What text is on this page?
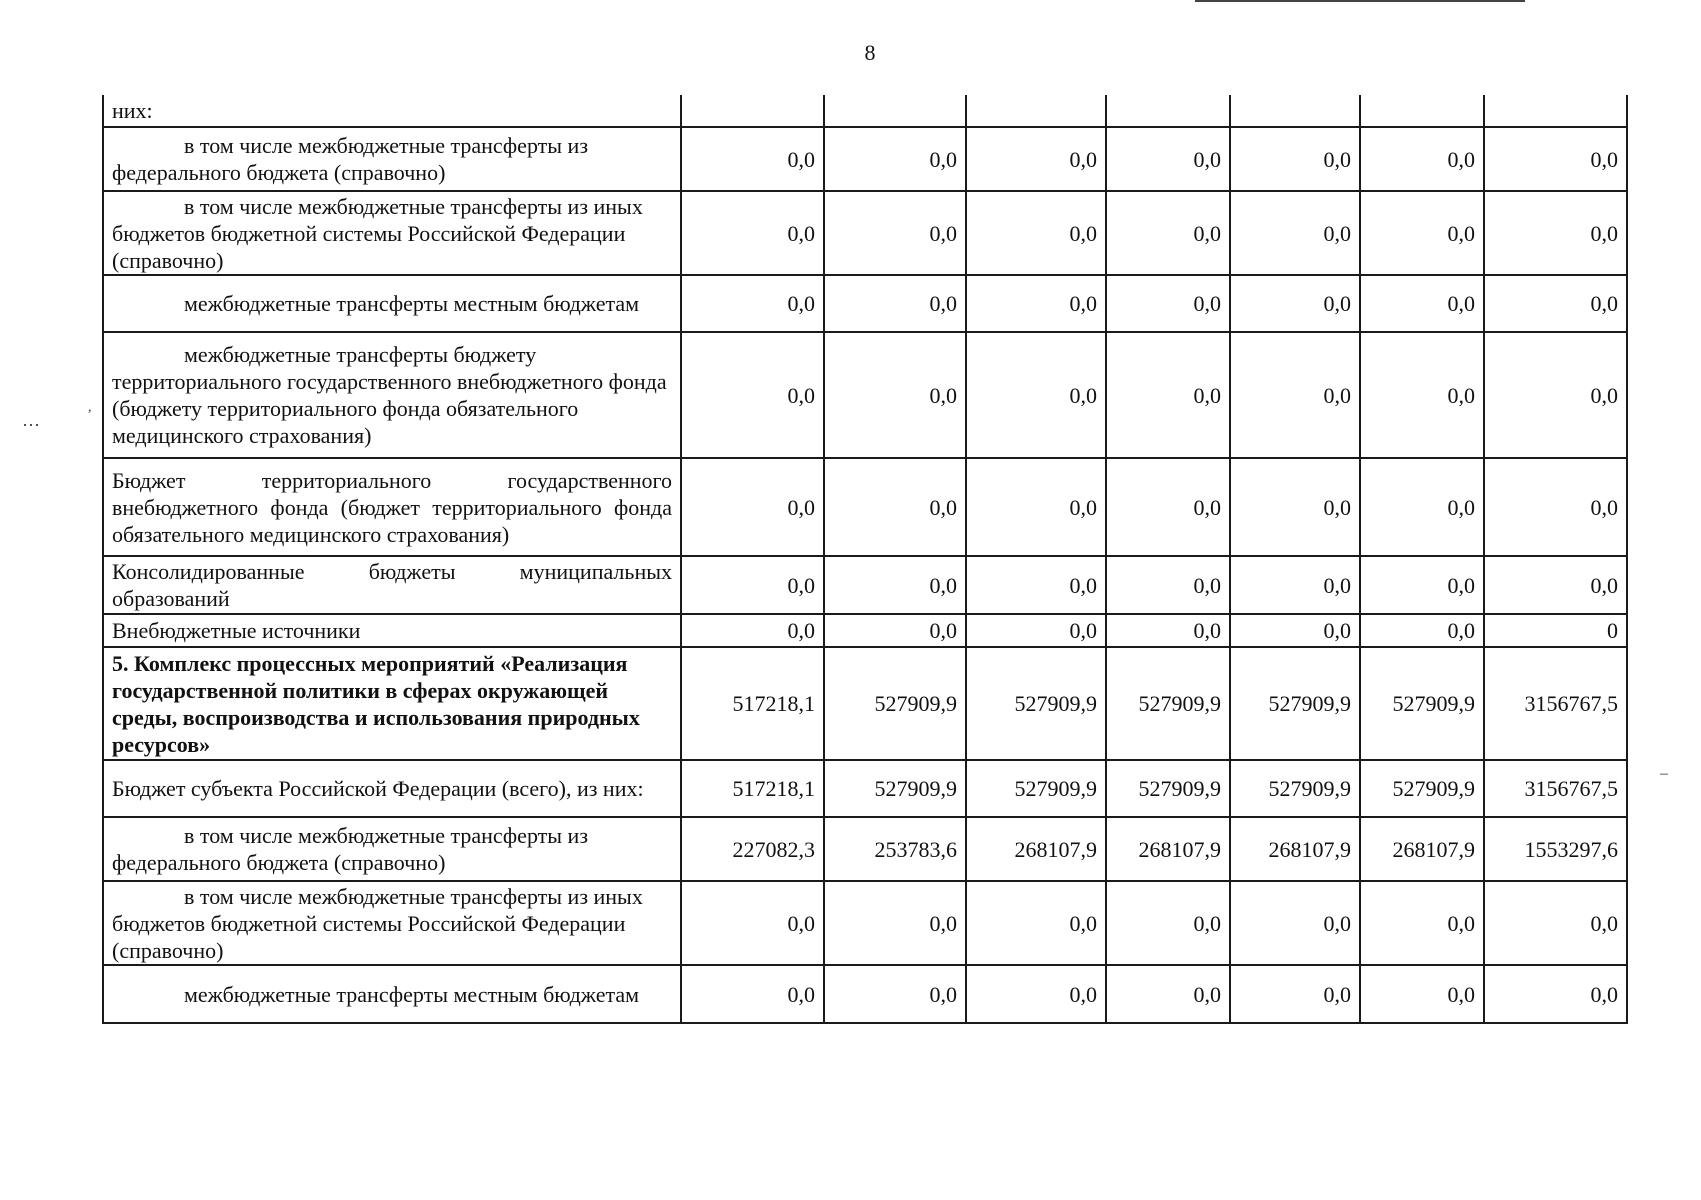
8
···
,
–
них:							
в том числе межбюджетные трансферты из федерального бюджета (справочно)	0,0	0,0	0,0	0,0	0,0	0,0	0,0
в том числе межбюджетные трансферты из иных бюджетов бюджетной системы Российской Федерации (справочно)	0,0	0,0	0,0	0,0	0,0	0,0	0,0
межбюджетные трансферты местным бюджетам	0,0	0,0	0,0	0,0	0,0	0,0	0,0
межбюджетные трансферты бюджету территориального государственного внебюджетного фонда (бюджету территориального фонда обязательного медицинского страхования)	0,0	0,0	0,0	0,0	0,0	0,0	0,0
Бюджет территориального государственного внебюджетного фонда (бюджет территориального фонда обязательного медицинского страхования)	0,0	0,0	0,0	0,0	0,0	0,0	0,0
Консолидированные бюджеты муниципальных образований	0,0	0,0	0,0	0,0	0,0	0,0	0,0
Внебюджетные источники	0,0	0,0	0,0	0,0	0,0	0,0	0
5. Комплекс процессных мероприятий «Реализация государственной политики в сферах окружающей среды, воспроизводства и использования природных ресурсов»	517218,1	527909,9	527909,9	527909,9	527909,9	527909,9	3156767,5
Бюджет субъекта Российской Федерации (всего), из них:	517218,1	527909,9	527909,9	527909,9	527909,9	527909,9	3156767,5
в том числе межбюджетные трансферты из федерального бюджета (справочно)	227082,3	253783,6	268107,9	268107,9	268107,9	268107,9	1553297,6
в том числе межбюджетные трансферты из иных бюджетов бюджетной системы Российской Федерации (справочно)	0,0	0,0	0,0	0,0	0,0	0,0	0,0
межбюджетные трансферты местным бюджетам	0,0	0,0	0,0	0,0	0,0	0,0	0,0
